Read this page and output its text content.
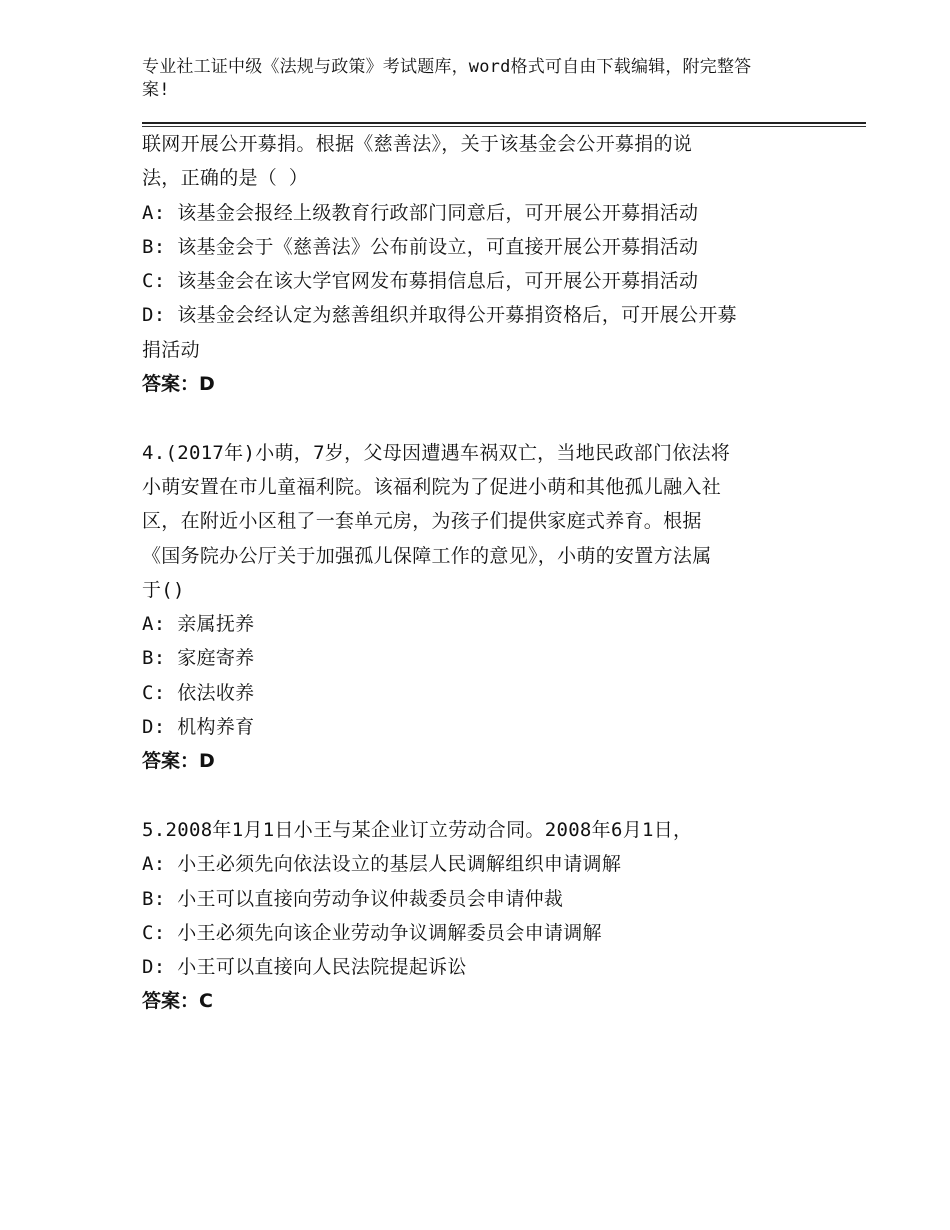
专业社工证中级《法规与政策》考试题库，word格式可自由下载编辑，附完整答
案!
联网开展公开募捐。根据《慈善法》，关于该基金会公开募捐的说
法，正确的是（ ）
A: 该基金会报经上级教育行政部门同意后，可开展公开募捐活动
B: 该基金会于《慈善法》公布前设立，可直接开展公开募捐活动
C: 该基金会在该大学官网发布募捐信息后，可开展公开募捐活动
D: 该基金会经认定为慈善组织并取得公开募捐资格后，可开展公开募
捐活动
答案：D
4.(2017年)小萌，7岁，父母因遭遇车祸双亡，当地民政部门依法将
小萌安置在市儿童福利院。该福利院为了促进小萌和其他孤儿融入社
区，在附近小区租了一套单元房，为孩子们提供家庭式养育。根据
《国务院办公厅关于加强孤儿保障工作的意见》，小萌的安置方法属
于()
A: 亲属抚养
B: 家庭寄养
C: 依法收养
D: 机构养育
答案：D
5.2008年1月1日小王与某企业订立劳动合同。2008年6月1日，
A: 小王必须先向依法设立的基层人民调解组织申请调解
B: 小王可以直接向劳动争议仲裁委员会申请仲裁
C: 小王必须先向该企业劳动争议调解委员会申请调解
D: 小王可以直接向人民法院提起诉讼
答案：C
